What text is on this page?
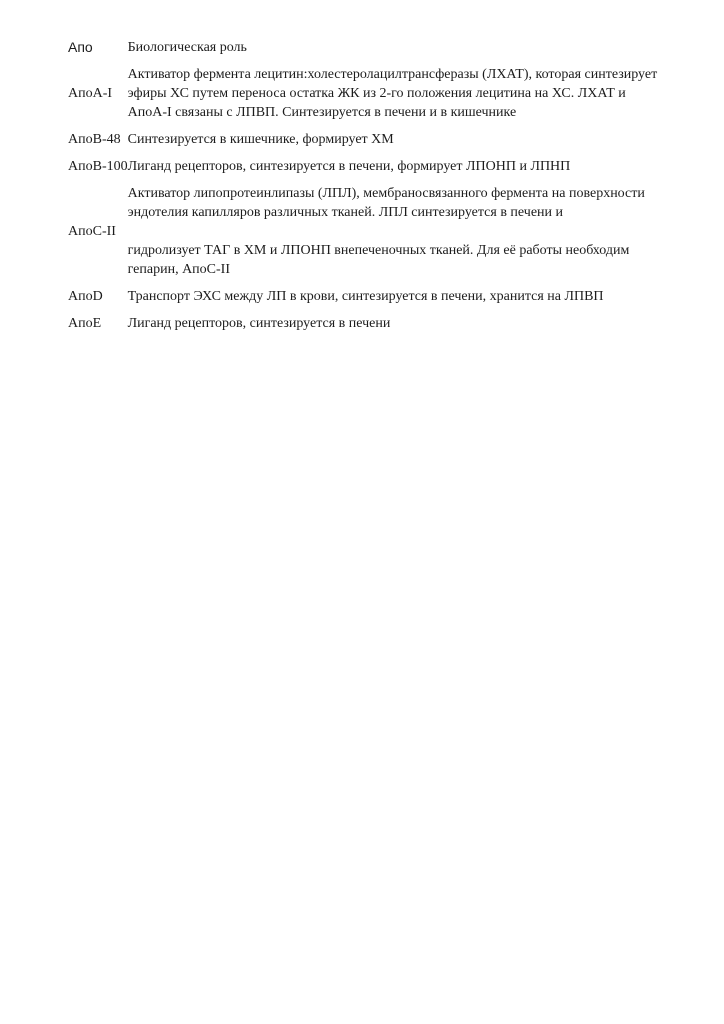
Апо	Биологическая роль
АпоА-I	Активатор фермента лецитин:холестеролацилтрансферазы (ЛХАТ), которая синтезирует
эфиры ХС путем переноса остатка ЖК из 2-го положения лецитина на ХС. ЛХАТ и
АпоА-I связаны с ЛПВП. Синтезируется в печени и в кишечнике

АпоВ-48	Синтезируется в кишечнике, формирует ХМ

АпоВ-100	Лиганд рецепторов, синтезируется в печени, формирует ЛПОНП и ЛПНП

АпоС-II	Активатор липопротеинлипазы (ЛПЛ), мембраносвязанного фермента на поверхности
эндотелия капилляров различных тканей. ЛПЛ синтезируется в печени и
гидролизует ТАГ в ХМ и ЛПОНП внепеченочных тканей. Для её работы необходим
гепарин, АпоС-II

АпоD	Транспорт ЭХС между ЛП в крови, синтезируется в печени, хранится на ЛПВП

АпоЕ	Лиганд рецепторов, синтезируется в печени
